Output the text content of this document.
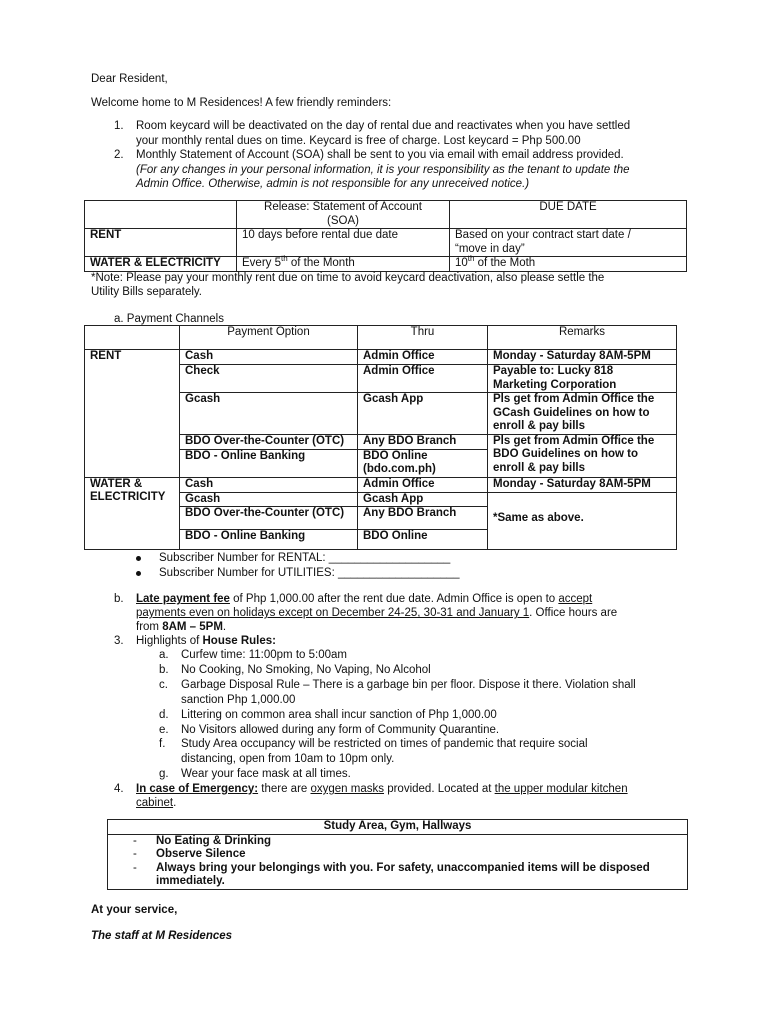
Dear Resident,

Welcome home to M Residences! A few friendly reminders:

1. Room keycard will be deactivated on the day of rental due and reactivates when you have settled

your monthly rental dues on time. Keycard is free of charge. Lost keycard = Php 500.00

2. Monthly Statement of Account (SOA) shall be sent to you via email with email address provided.

(For any changes in your personal information, it is your responsibility as the tenant to update the

Admin Office. Otherwise, admin is not responsible for any unreceived notice.)

	Release: Statement of Account
(SOA)	DUE DATE
RENT	10 days before rental due date	Based on your contract start date /
“move in day”
WATER & ELECTRICITY	Every 5th of the Month	10th of the Moth

*Note: Please pay your monthly rent due on time to avoid keycard deactivation, also please settle the

Utility Bills separately.

a. Payment Channels

	Payment Option	Thru	Remarks
RENT	Cash	Admin Office	Monday - Saturday 8AM-5PM
	Check	Admin Office	Payable to: Lucky 818
Marketing Corporation
	Gcash	Gcash App	Pls get from Admin Office the
GCash Guidelines on how to
enroll & pay bills
	BDO Over-the-Counter (OTC)	Any BDO Branch	Pls get from Admin Office the
BDO Guidelines on how to
enroll & pay bills
	BDO - Online Banking	BDO Online
(bdo.com.ph)	
WATER &
ELECTRICITY	Cash	Admin Office	Monday - Saturday 8AM-5PM
	Gcash	Gcash App	*Same as above.
	BDO Over-the-Counter (OTC)	Any BDO Branch	
	BDO - Online Banking	BDO Online	

Subscriber Number for RENTAL: ___________________

Subscriber Number for UTILITIES: ___________________

b. Late payment fee of Php 1,000.00 after the rent due date. Admin Office is open to accept

payments even on holidays except on December 24-25, 30-31 and January 1. Office hours are

from 8AM – 5PM.

3. Highlights of House Rules:

a. Curfew time: 11:00pm to 5:00am

b. No Cooking, No Smoking, No Vaping, No Alcohol

c. Garbage Disposal Rule – There is a garbage bin per floor. Dispose it there. Violation shall

sanction Php 1,000.00

d. Littering on common area shall incur sanction of Php 1,000.00

e. No Visitors allowed during any form of Community Quarantine.

f. Study Area occupancy will be restricted on times of pandemic that require social

distancing, open from 10am to 10pm only.

g. Wear your face mask at all times.

4. In case of Emergency: there are oxygen masks provided. Located at the upper modular kitchen

cabinet.

Study Area, Gym, Hallways
-
-
-
	No Eating & Drinking
Observe Silence
Always bring your belongings with you. For safety, unaccompanied items will be disposed
immediately.

At your service,

The staff at M Residences
